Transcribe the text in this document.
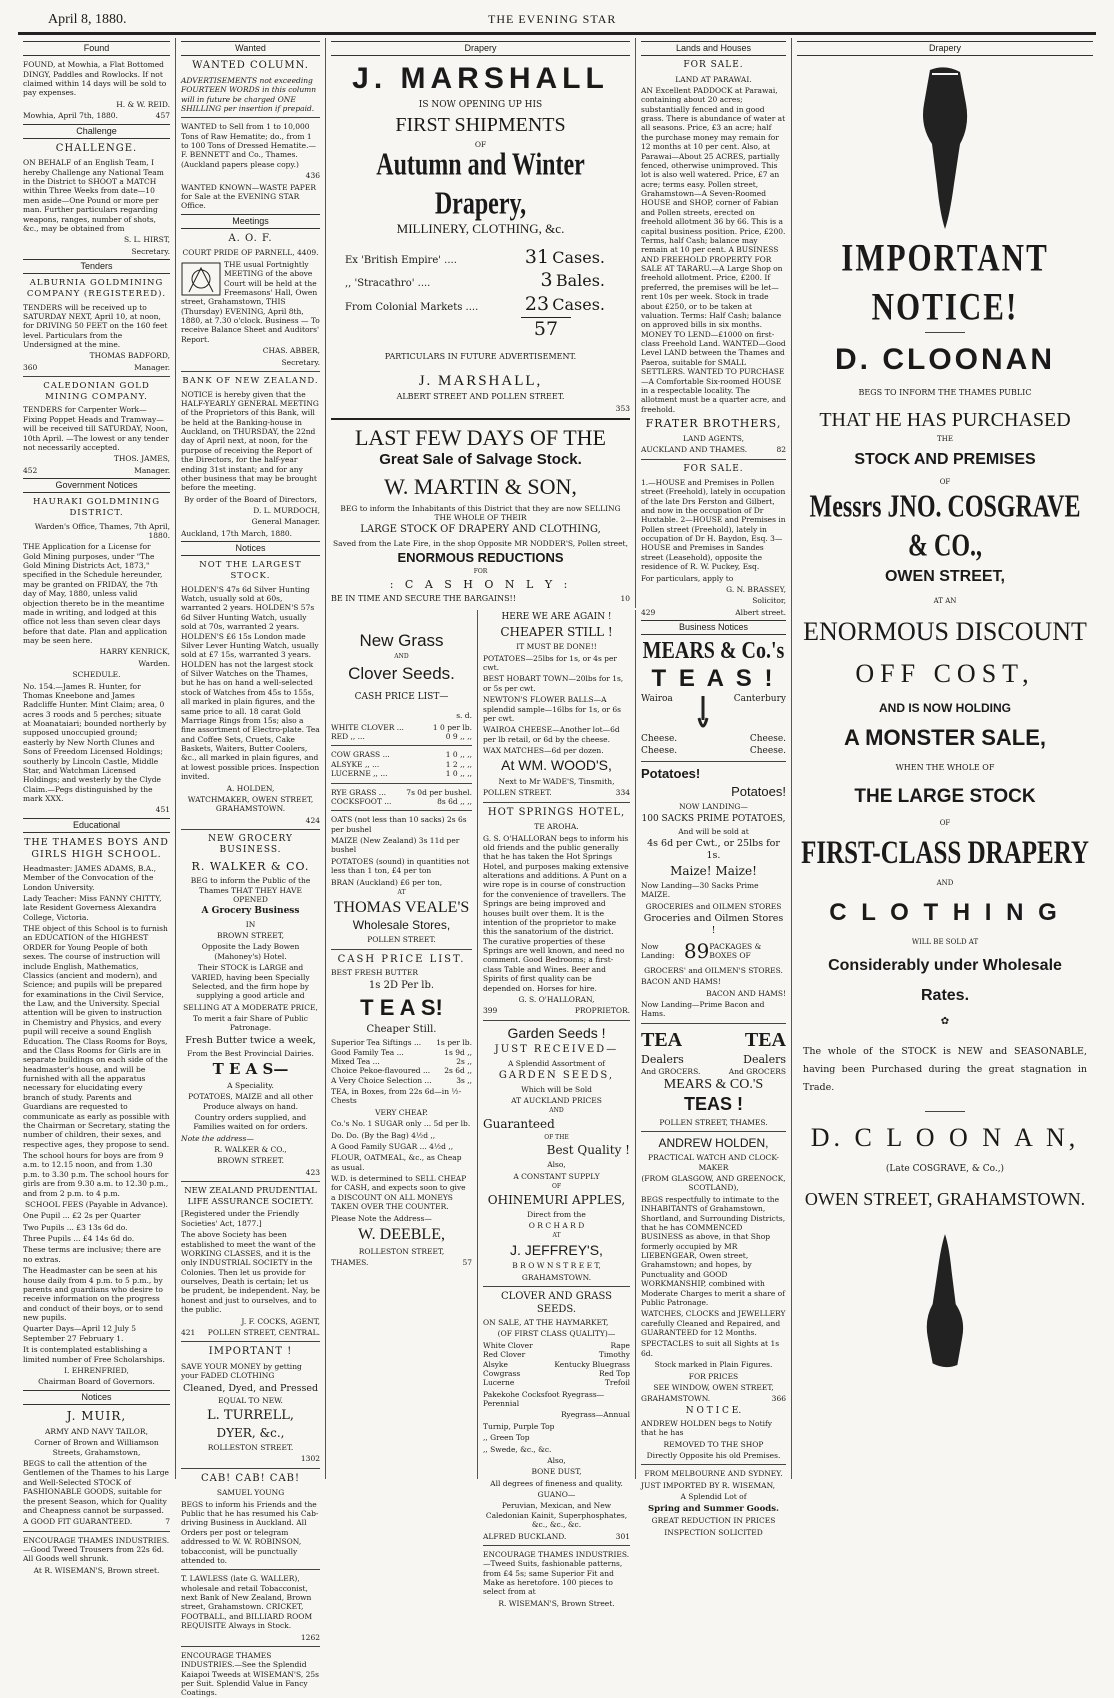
April 8, 1880.	THE EVENING STAR
Found

FOUND, at Mowhia, a Flat Bottomed DINGY, Paddles and Rowlocks. If not claimed within 14 days will be sold to pay expenses.

H. & W. REID.

Mowhia, April 7th, 1880.	457
Challenge
CHALLENGE.

ON BEHALF of an English Team, I hereby Challenge any National Team in the District to SHOOT a MATCH within Three Weeks from date—10 men aside—One Pound or more per man. Further particulars regarding weapons, ranges, number of shots, &c., may be obtained from

S. L. HIRST,

Secretary.

Tenders
ALBURNIA GOLDMINING COMPANY (REGISTERED).

TENDERS will be received up to SATURDAY NEXT, April 10, at noon, for DRIVING 50 FEET on the 160 feet level. Particulars from the Undersigned at the mine.

THOMAS BADFORD,

360	Manager.
CALEDONIAN GOLD MINING COMPANY.

TENDERS for Carpenter Work—Fixing Poppet Heads and Tramway—will be received till SATURDAY, Noon, 10th April. —The lowest or any tender not necessarily accepted.

THOS. JAMES,

452	Manager.
Government Notices
HAURAKI GOLDMINING DISTRICT.

Warden's Office, Thames, 7th April, 1880.

THE Application for a License for Gold Mining purposes, under "The Gold Mining Districts Act, 1873," specified in the Schedule hereunder, may be granted on FRIDAY, the 7th day of May, 1880, unless valid objection thereto be in the meantime made in writing, and lodged at this office not less than seven clear days before that date. Plan and application may be seen here.

HARRY KENRICK,

Warden.

SCHEDULE.

No. 154.—James R. Hunter, for Thomas Kneebone and James Radcliffe Hunter. Mint Claim; area, 0 acres 3 roods and 5 perches; situate at Moanataiari; bounded northerly by supposed unoccupied ground; easterly by New North Clunes and Sons of Freedom Licensed Holdings; southerly by Lincoln Castle, Middle Star, and Watchman Licensed Holdings; and westerly by the Clyde Claim.—Pegs distinguished by the mark XXX.

451

Educational
THE THAMES BOYS AND GIRLS HIGH SCHOOL.

Headmaster: JAMES ADAMS, B.A., Member of the Convocation of the London University.

Lady Teacher: Miss FANNY CHITTY, late Resident Governess Alexandra College, Victoria.

THE object of this School is to furnish an EDUCATION of the HIGHEST ORDER for Young People of both sexes. The course of instruction will include English, Mathematics, Classics (ancient and modern), and Science; and pupils will be prepared for examinations in the Civil Service, the Law, and the University. Special attention will be given to instruction in Chemistry and Physics, and every pupil will receive a sound English Education. The Class Rooms for Boys, and the Class Rooms for Girls are in separate buildings on each side of the headmaster's house, and will be furnished with all the apparatus necessary for elucidating every branch of study. Parents and Guardians are requested to communicate as early as possible with the Chairman or Secretary, stating the number of children, their sexes, and respective ages, they propose to send.

The school hours for boys are from 9 a.m. to 12.15 noon, and from 1.30 p.m. to 3.30 p.m. The school hours for girls are from 9.30 a.m. to 12.30 p.m., and from 2 p.m. to 4 p.m.

SCHOOL FEES (Payable in Advance).

One Pupil ... £2 2s per Quarter

Two Pupils ... £3 13s 6d do.

Three Pupils ... £4 14s 6d do.

These terms are inclusive; there are no extras.

The Headmaster can be seen at his house daily from 4 p.m. to 5 p.m., by parents and guardians who desire to receive information on the progress and conduct of their boys, or to send new pupils.

Quarter Days—April 12 July 5 September 27 February 1.

It is contemplated establishing a limited number of Free Scholarships.

I. EHRENFRIED,

Chairman Board of Governors.

Notices
J. MUIR,

ARMY AND NAVY TAILOR,

Corner of Brown and Williamson Streets, Grahamstown,

BEGS to call the attention of the Gentlemen of the Thames to his Large and Well-Selected STOCK of FASHIONABLE GOODS, suitable for the present Season, which for Quality and Cheapness cannot be surpassed.

A GOOD FIT GUARANTEED.	7

ENCOURAGE THAMES INDUSTRIES.—Good Tweed Trousers from 22s 6d. All Goods well shrunk.

At R. WISEMAN'S, Brown street.

Wanted
WANTED COLUMN.

ADVERTISEMENTS not exceeding FOURTEEN WORDS in this column will in future be charged ONE SHILLING per insertion if prepaid.

WANTED to Sell from 1 to 10,000 Tons of Raw Hematite; do., from 1 to 100 Tons of Dressed Hematite.—F. BENNETT and Co., Thames. (Auckland papers please copy.)

436

WANTED KNOWN—WASTE PAPER for Sale at the EVENING STAR Office.

Meetings
A. O. F.

COURT PRIDE OF PARNELL, 4409.

THE usual Fortnightly MEETING of the above Court will be held at the Freemasons' Hall, Owen street, Grahamstown, THIS (Thursday) EVENING, April 8th, 1880, at 7.30 o'clock. Business — To receive Balance Sheet and Auditors' Report.

CHAS. ABBER,

Secretary.

BANK OF NEW ZEALAND.

NOTICE is hereby given that the HALF-YEARLY GENERAL MEETING of the Proprietors of this Bank, will be held at the Banking-house in Auckland, on THURSDAY, the 22nd day of April next, at noon, for the purpose of receiving the Report of the Directors, for the half-year ending 31st instant; and for any other business that may be brought before the meeting.

By order of the Board of Directors,

D. L. MURDOCH,

General Manager.

Auckland, 17th March, 1880.

Notices
NOT THE LARGEST STOCK.

HOLDEN'S 47s 6d Silver Hunting Watch, usually sold at 60s, warranted 2 years. HOLDEN'S 57s 6d Silver Hunting Watch, usually sold at 70s, warranted 2 years. HOLDEN'S £6 15s London made Silver Lever Hunting Watch, usually sold at £7 15s, warranted 3 years. HOLDEN has not the largest stock of Silver Watches on the Thames, but he has on hand a well-selected stock of Watches from 45s to 155s, all marked in plain figures, and the same price to all. 18 carat Gold Marriage Rings from 15s; also a fine assortment of Electro-plate. Tea and Coffee Sets, Cruets, Cake Baskets, Waiters, Butter Coolers, &c., all marked in plain figures, and at lowest possible prices. Inspection invited.

A. HOLDEN,

WATCHMAKER, OWEN STREET, GRAHAMSTOWN.

424

NEW GROCERY BUSINESS.
R. WALKER & CO.

BEG to inform the Public of the Thames THAT THEY HAVE OPENED

A Grocery Business

IN

BROWN STREET,

Opposite the Lady Bowen (Mahoney's) Hotel.

Their STOCK is LARGE and VARIED, having been Specially Selected, and the firm hope by supplying a good article and

SELLING AT A MODERATE PRICE,

To merit a fair Share of Public Patronage.

Fresh Butter twice a week,

From the Best Provincial Dairies.

T E A S—

A Speciality.

POTATOES, MAIZE and all other Produce always on hand.

Country orders supplied, and Families waited on for orders.

Note the address—

R. WALKER & CO.,

BROWN STREET.

423

NEW ZEALAND PRUDENTIAL LIFE ASSURANCE SOCIETY.

[Registered under the Friendly Societies' Act, 1877.]

The above Society has been established to meet the want of the WORKING CLASSES, and it is the only INDUSTRIAL SOCIETY in the Colonies. Then let us provide for ourselves, Death is certain; let us be prudent, be independent. Nay, be honest and just to ourselves, and to the public.

J. F. COCKS, AGENT,

421 POLLEN STREET, CENTRAL.
IMPORTANT !

SAVE YOUR MONEY by getting your FADED CLOTHING

Cleaned, Dyed, and Pressed

EQUAL TO NEW.

L. TURRELL,

DYER, &c.,

ROLLESTON STREET.

1302

CAB! CAB! CAB!

SAMUEL YOUNG

BEGS to inform his Friends and the Public that he has resumed his Cab-driving Business in Auckland. All Orders per post or telegram addressed to W. W. ROBINSON, tobacconist, will be punctually attended to.

T. LAWLESS (late G. WALLER), wholesale and retail Tobacconist, next Bank of New Zealand, Brown street, Grahamstown. CRICKET, FOOTBALL, and BILLIARD ROOM REQUISITE Always in Stock.

1262

ENCOURAGE THAMES INDUSTRIES.—See the Splendid Kaiapoi Tweeds at WISEMAN'S, 25s per Suit. Splendid Value in Fancy Coatings.

Drapery
J. MARSHALL

IS NOW OPENING UP HIS

FIRST SHIPMENTS

OF

Autumn and Winter Drapery,
MILLINERY, CLOTHING, &c.
Ex 'British Empire' ....	31 Cases.
,, 'Stracathro' ....	3 Bales.
From Colonial Markets .... 23 Cases.
57

PARTICULARS IN FUTURE ADVERTISEMENT.

J. MARSHALL,

ALBERT STREET AND POLLEN STREET.

353

LAST FEW DAYS OF THE
Great Sale of Salvage Stock.
W. MARTIN & SON,

BEG to inform the Inhabitants of this District that they are now SELLING THE WHOLE OF THEIR

LARGE STOCK OF DRAPERY AND CLOTHING,

Saved from the Late Fire, in the shop Opposite MR NODDER'S, Pollen street,

ENORMOUS REDUCTIONS

FOR

: C A S H O N L Y :

BE IN TIME AND SECURE THE BARGAINS!!	10
New Grass

AND

Clover Seeds.

CASH PRICE LIST—

s. d.

WHITE CLOVER ...	1 0 per lb.
RED ,, ...	0 9 ,, ,,
COW GRASS ...	1 0 ,, ,,
ALSYKE ,, ...	1 2 ,, ,,
LUCERNE ,, ...	1 0 ,, ,,
RYE GRASS ...	7s 0d per bushel.
COCKSFOOT ...	8s 6d ,, ,,

OATS (not less than 10 sacks) 2s 6s per bushel

MAIZE (New Zealand) 3s 11d per bushel

POTATOES (sound) in quantities not less than 1 ton, £4 per ton

BRAN (Auckland) £6 per ton,

AT

THOMAS VEALE'S
Wholesale Stores,

POLLEN STREET.

CASH PRICE LIST.

BEST FRESH BUTTER

1s 2D Per lb.

T E A S!

Cheaper Still.

Superior Tea Siftings ... 1s per lb.
Good Family Tea ...	1s 9d ,,
Mixed Tea ...	2s ,,
Choice Pekoe-flavoured ... 2s 6d ,,
A Very Choice Selection ...	3s ,,

TEA, in Boxes, from 22s 6d—in ½-Chests

VERY CHEAP.

Co.'s No. 1 SUGAR only ... 5d per lb.

Do. Do. (By the Bag) 4½d ,,

A Good Family SUGAR ... 4½d ,,

FLOUR, OATMEAL, &c., as Cheap as usual.

W.D. is determined to SELL CHEAP for CASH, and expects soon to give a DISCOUNT ON ALL MONEYS TAKEN OVER THE COUNTER.

Please Note the Address—

W. DEEBLE,

ROLLESTON STREET,

THAMES.	57

HERE WE ARE AGAIN !

CHEAPER STILL !

IT MUST BE DONE!!

POTATOES—25lbs for 1s, or 4s per cwt.

BEST HOBART TOWN—20lbs for 1s, or 5s per cwt.

NEWTON'S FLOWER BALLS—A splendid sample—16lbs for 1s, or 6s per cwt.

WAIROA CHEESE—Another lot—6d per lb retail, or 6d by the cheese.

WAX MATCHES—6d per dozen.

At WM. WOOD'S,

Next to Mr WADE'S, Tinsmith,

POLLEN STREET.	334
HOT SPRINGS HOTEL,

TE AROHA.

G. S. O'HALLORAN begs to inform his old friends and the public generally that he has taken the Hot Springs Hotel, and purposes making extensive alterations and additions. A Punt on a wire rope is in course of construction for the convenience of travellers. The Springs are being improved and houses built over them. It is the intention of the proprietor to make this the sanatorium of the district. The curative properties of these Springs are well known, and need no comment. Good Bedrooms; a first-class Table and Wines. Beer and Spirits of first quality can be depended on. Horses for hire.

G. S. O'HALLORAN,

399	PROPRIETOR.
Garden Seeds !

JUST RECEIVED—

A Splendid Assortment of

GARDEN SEEDS,

Which will be Sold

AT AUCKLAND PRICES

AND

Guaranteed

OF THE

Best Quality !

Also,

A CONSTANT SUPPLY

OF

OHINEMURI APPLES,

Direct from the

O R C H A R D

AT

J. JEFFREY'S,

B R O W N S T R E E T,

GRAHAMSTOWN.

CLOVER AND GRASS SEEDS.

ON SALE, AT THE HAYMARKET,

(OF FIRST CLASS QUALITY)—

White Clover	Rape
Red Clover	Timothy
Alsyke	Kentucky Bluegrass
Cowgrass	Red Top
Lucerne	Trefoil

Pakekohe Cocksfoot Ryegrass—Perennial

Ryegrass—Annual

Turnip, Purple Top

,, Green Top

,, Swede, &c., &c.

Also,

BONE DUST,

All degrees of fineness and quality.

GUANO—

Peruvian, Mexican, and New Caledonian Kainit, Superphosphates, &c., &c., &c.

ALFRED BUCKLAND.	301

ENCOURAGE THAMES INDUSTRIES.—Tweed Suits, fashionable patterns, from £4 5s; same Superior Fit and Make as heretofore. 100 pieces to select from at

R. WISEMAN'S, Brown Street.

Lands and Houses
FOR SALE.

LAND AT PARAWAI.

AN Excellent PADDOCK at Parawai, containing about 20 acres; substantially fenced and in good grass. There is abundance of water at all seasons. Price, £3 an acre; half the purchase money may remain for 12 months at 10 per cent. Also, at Parawai—About 25 ACRES, partially fenced, otherwise unimproved. This lot is also well watered. Price, £7 an acre; terms easy. Pollen street, Grahamstown—A Seven-Roomed HOUSE and SHOP, corner of Fabian and Pollen streets, erected on freehold allotment 36 by 66. This is a capital business position. Price, £200. Terms, half Cash; balance may remain at 10 per cent. A BUSINESS AND FREEHOLD PROPERTY FOR SALE AT TARARU.—A Large Shop on freehold allotment. Price, £200. If preferred, the premises will be let—rent 10s per week. Stock in trade about £250, or to be taken at valuation. Terms: Half Cash; balance on approved bills in six months. MONEY TO LEND—£1000 on first-class Freehold Land. WANTED—Good Level LAND between the Thames and Paeroa, suitable for SMALL SETTLERS. WANTED TO PURCHASE—A Comfortable Six-roomed HOUSE in a respectable locality. The allotment must be a quarter acre, and freehold.

FRATER BROTHERS,

LAND AGENTS,

AUCKLAND AND THAMES.	82
FOR SALE.

1.—HOUSE and Premises in Pollen street (Freehold), lately in occupation of the late Drs Ferston and Gilbert, and now in the occupation of Dr Huxtable. 2—HOUSE and Premises in Pollen street (Freehold), lately in occupation of Dr H. Baydon, Esq. 3—HOUSE and Premises in Sandes street (Leasehold), opposite the residence of R. W. Puckey, Esq.

For particulars, apply to

G. N. BRASSEY,

Solicitor,

429	Albert street.
Business Notices
MEARS & Co.'s
T E A S !
Wairoa	Canterbury
Cheese.	Cheese.
Cheese.	Cheese.

Potatoes!

Potatoes!

NOW LANDING—

100 SACKS PRIME POTATOES,

And will be sold at

4s 6d per Cwt., or 25lbs for 1s.

Maize! Maize!

Now Landing—30 Sacks Prime MAIZE.

GROCERIES and OILMEN STORES

Groceries and Oilmen Stores !

Now Landing: 89 PACKAGES & BOXES OF

GROCERS' and OILMEN'S STORES.

BACON AND HAMS!

BACON AND HAMS!

Now Landing—Prime Bacon and Hams.

TEA	TEA
Dealers	Dealers
And GROCERS.	And GROCERS
MEARS & CO.'S
TEAS !

POLLEN STREET, THAMES.

ANDREW HOLDEN,

PRACTICAL WATCH AND CLOCK-MAKER

(FROM GLASGOW, AND GREENOCK, SCOTLAND),

BEGS respectfully to intimate to the INHABITANTS of Grahamstown, Shortland, and Surrounding Districts, that he has COMMENCED BUSINESS as above, in that Shop formerly occupied by MR LIEBENGEAR, Owen street, Grahamstown; and hopes, by Punctuality and GOOD WORKMANSHIP, combined with Moderate Charges to merit a share of Public Patronage.

WATCHES, CLOCKS and JEWELLERY carefully Cleaned and Repaired, and GUARANTEED for 12 Months.

SPECTACLES to suit all Sights at 1s 6d.

Stock marked in Plain Figures.

FOR PRICES

SEE WINDOW, OWEN STREET,

GRAHAMSTOWN.	366

N O T I C E.

ANDREW HOLDEN begs to Notify that he has

REMOVED TO THE SHOP

Directly Opposite his old Premises.

FROM MELBOURNE AND SYDNEY.

JUST IMPORTED BY R. WISEMAN,

A Splendid Lot of

Spring and Summer Goods.

GREAT REDUCTION IN PRICES

INSPECTION SOLICITED

Drapery
IMPORTANT NOTICE!
D. CLOONAN

BEGS TO INFORM THE THAMES PUBLIC

THAT HE HAS PURCHASED

THE

STOCK AND PREMISES

OF

Messrs JNO. COSGRAVE & CO.,
OWEN STREET,

AT AN

ENORMOUS DISCOUNT
OFF COST,
AND IS NOW HOLDING
A MONSTER SALE,

WHEN THE WHOLE OF

THE LARGE STOCK

OF

FIRST-CLASS DRAPERY

AND

C L O T H I N G

WILL BE SOLD AT

Considerably under Wholesale
Rates.
✿

The whole of the STOCK is NEW and SEASONABLE, having been Purchased during the great stagnation in Trade.

D. C L O O N A N,

(Late COSGRAVE, & Co.,)

OWEN STREET, GRAHAMSTOWN.
